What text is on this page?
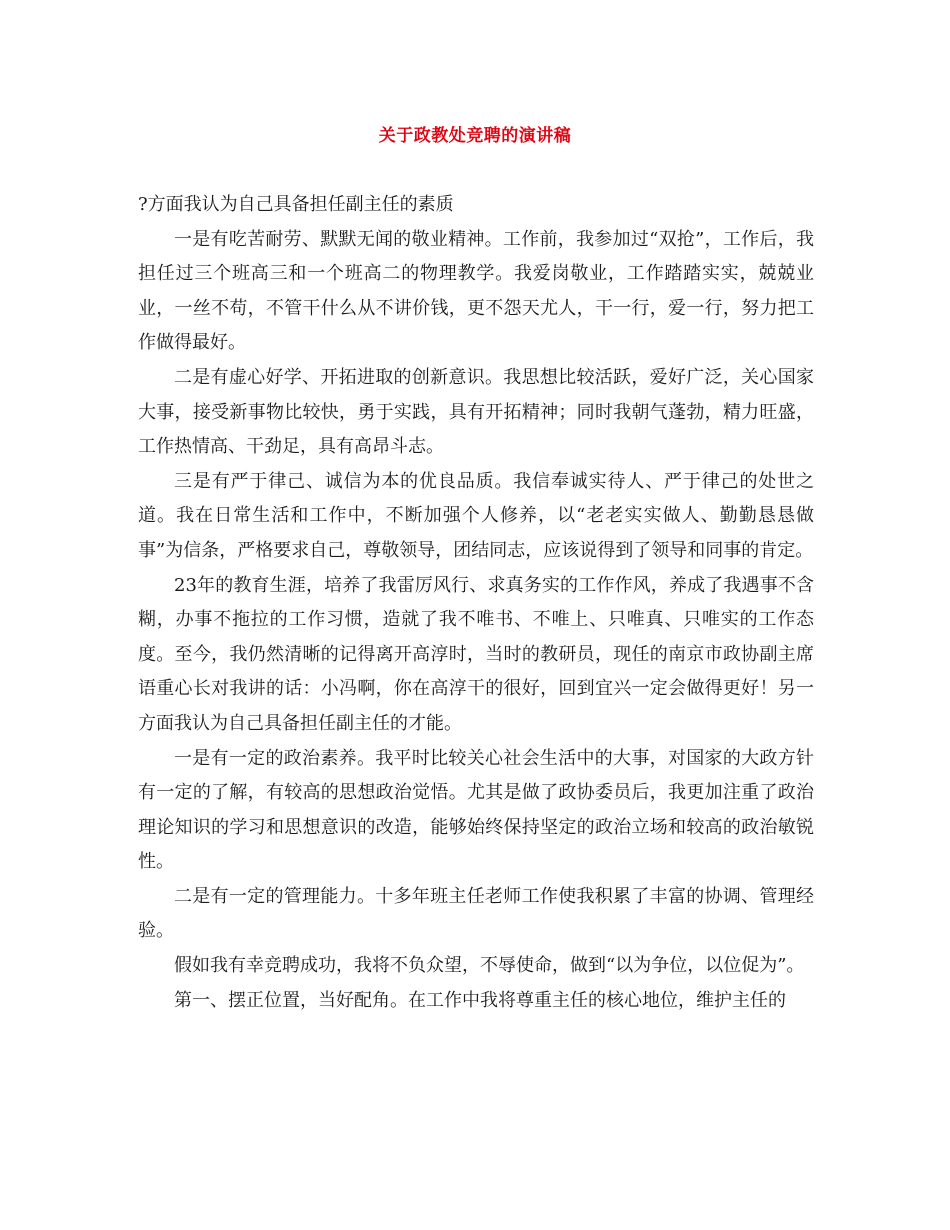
关于政教处竞聘的演讲稿

?方面我认为自己具备担任副主任的素质

一是有吃苦耐劳、默默无闻的敬业精神。工作前，我参加过“双抢”，工作后，我担任过三个班高三和一个班高二的物理教学。我爱岗敬业，工作踏踏实实，兢兢业业，一丝不苟，不管干什么从不讲价钱，更不怨天尤人，干一行，爱一行，努力把工作做得最好。

二是有虚心好学、开拓进取的创新意识。我思想比较活跃，爱好广泛，关心国家大事，接受新事物比较快，勇于实践，具有开拓精神；同时我朝气蓬勃，精力旺盛，工作热情高、干劲足，具有高昂斗志。

三是有严于律己、诚信为本的优良品质。我信奉诚实待人、严于律己的处世之道。我在日常生活和工作中，不断加强个人修养，以“老老实实做人、勤勤恳恳做事”为信条，严格要求自己，尊敬领导，团结同志，应该说得到了领导和同事的肯定。

23年的教育生涯，培养了我雷厉风行、求真务实的工作作风，养成了我遇事不含糊，办事不拖拉的工作习惯，造就了我不唯书、不唯上、只唯真、只唯实的工作态度。至今，我仍然清晰的记得离开高淳时，当时的教研员，现任的南京市政协副主席语重心长对我讲的话：小冯啊，你在高淳干的很好，回到宜兴一定会做得更好！另一方面我认为自己具备担任副主任的才能。

一是有一定的政治素养。我平时比较关心社会生活中的大事，对国家的大政方针有一定的了解，有较高的思想政治觉悟。尤其是做了政协委员后，我更加注重了政治理论知识的学习和思想意识的改造，能够始终保持坚定的政治立场和较高的政治敏锐性。

二是有一定的管理能力。十多年班主任老师工作使我积累了丰富的协调、管理经验。

假如我有幸竞聘成功，我将不负众望，不辱使命，做到“以为争位，以位促为”。

第一、摆正位置，当好配角。在工作中我将尊重主任的核心地位，维护主任的
